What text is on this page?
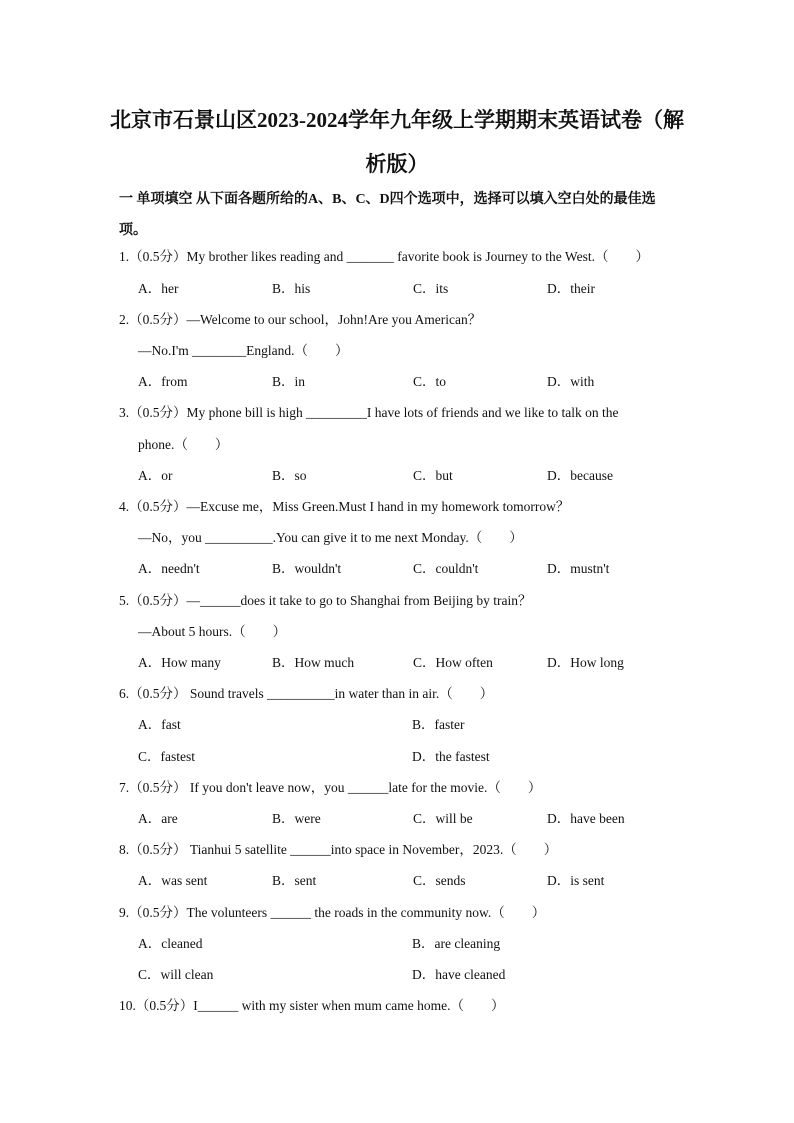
北京市石景山区2023-2024学年九年级上学期期末英语试卷（解析版）
一 单项填空 从下面各题所给的A、B、C、D四个选项中，选择可以填入空白处的最佳选项。
1.（0.5分）My brother likes reading and _______ favorite book is Journey to the West.（　　）
A．her	B．his	C．its	D．their
2.（0.5分）—Welcome to our school，John!Are you American？
—No.I'm ________England.（　　）
A．from	B．in	C．to	D．with
3.（0.5分）My phone bill is high _________I have lots of friends and we like to talk on the
phone.（　　）
A．or	B．so	C．but	D．because
4.（0.5分）—Excuse me，Miss Green.Must I hand in my homework tomorrow？
—No，you __________.You can give it to me next Monday.（　　）
A．needn't	B．wouldn't	C．couldn't	D．mustn't
5.（0.5分）—______does it take to go to Shanghai from Beijing by train？
—About 5 hours.（　　）
A．How many	B．How much	C．How often	D．How long
6.（0.5分） Sound travels __________in water than in air.（　　）
A．fast	B．faster
C．fastest	D．the fastest
7.（0.5分） If you don't leave now，you ______late for the movie.（　　）
A．are	B．were	C．will be	D．have been
8.（0.5分） Tianhui 5 satellite ______into space in November，2023.（　　）
A．was sent	B．sent	C．sends	D．is sent
9.（0.5分）The volunteers ______ the roads in the community now.（　　）
A．cleaned	B．are cleaning
C．will clean	D．have cleaned
10.（0.5分）I______ with my sister when mum came home.（　　）
